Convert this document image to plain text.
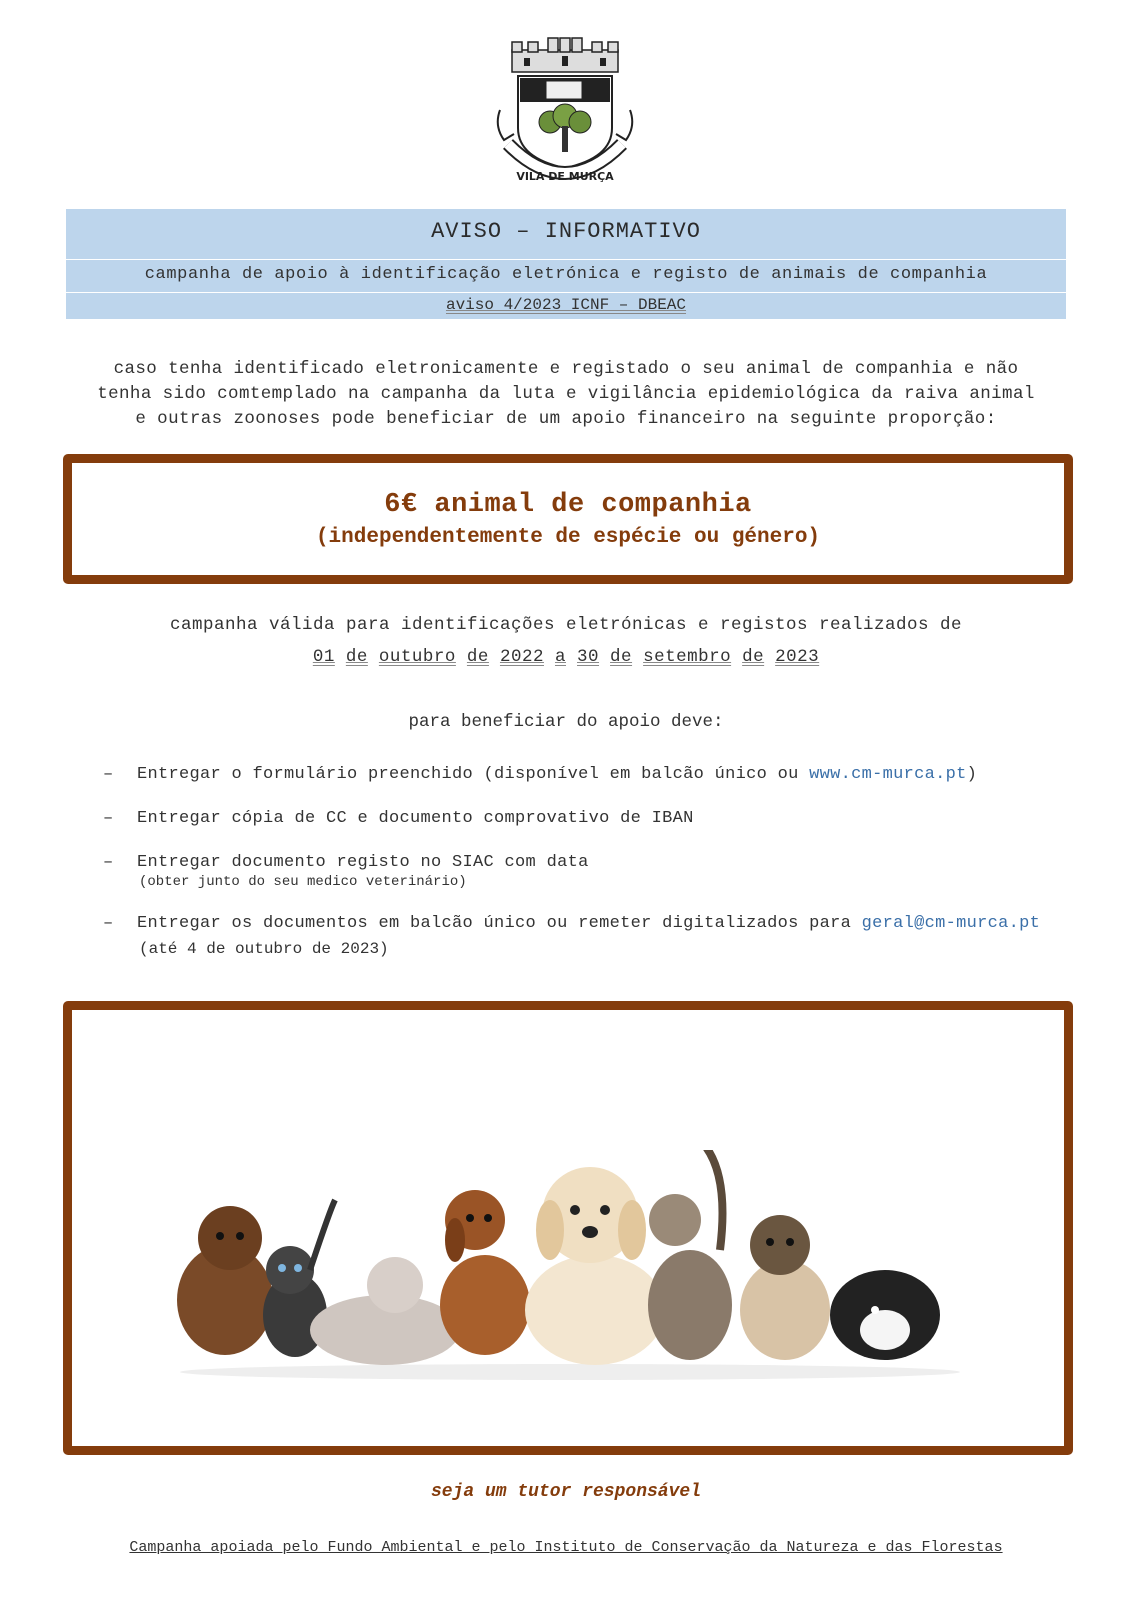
VILA DE MURÇA
AVISO – INFORMATIVO
campanha de apoio à identificação eletrónica e registo de animais de companhia
aviso 4/2023 ICNF – DBEAC
caso tenha identificado eletronicamente e registado o seu animal de companhia e não
tenha sido comtemplado na campanha da luta e vigilância epidemiológica da raiva animal
e outras zoonoses pode beneficiar de um apoio financeiro na seguinte proporção:
6€ animal de companhia
(independentemente de espécie ou género)
campanha válida para identificações eletrónicas e registos realizados de
01 de outubro de 2022 a 30 de setembro de 2023
para beneficiar do apoio deve:
– Entregar o formulário preenchido (disponível em balcão único ou www.cm-murca.pt)
– Entregar cópia de CC e documento comprovativo de IBAN
– Entregar documento registo no SIAC com data
(obter junto do seu medico veterinário)
– Entregar os documentos em balcão único ou remeter digitalizados para geral@cm-murca.pt
(até 4 de outubro de 2023)
seja um tutor responsável
Campanha apoiada pelo Fundo Ambiental e pelo Instituto de Conservação da Natureza e das Florestas
